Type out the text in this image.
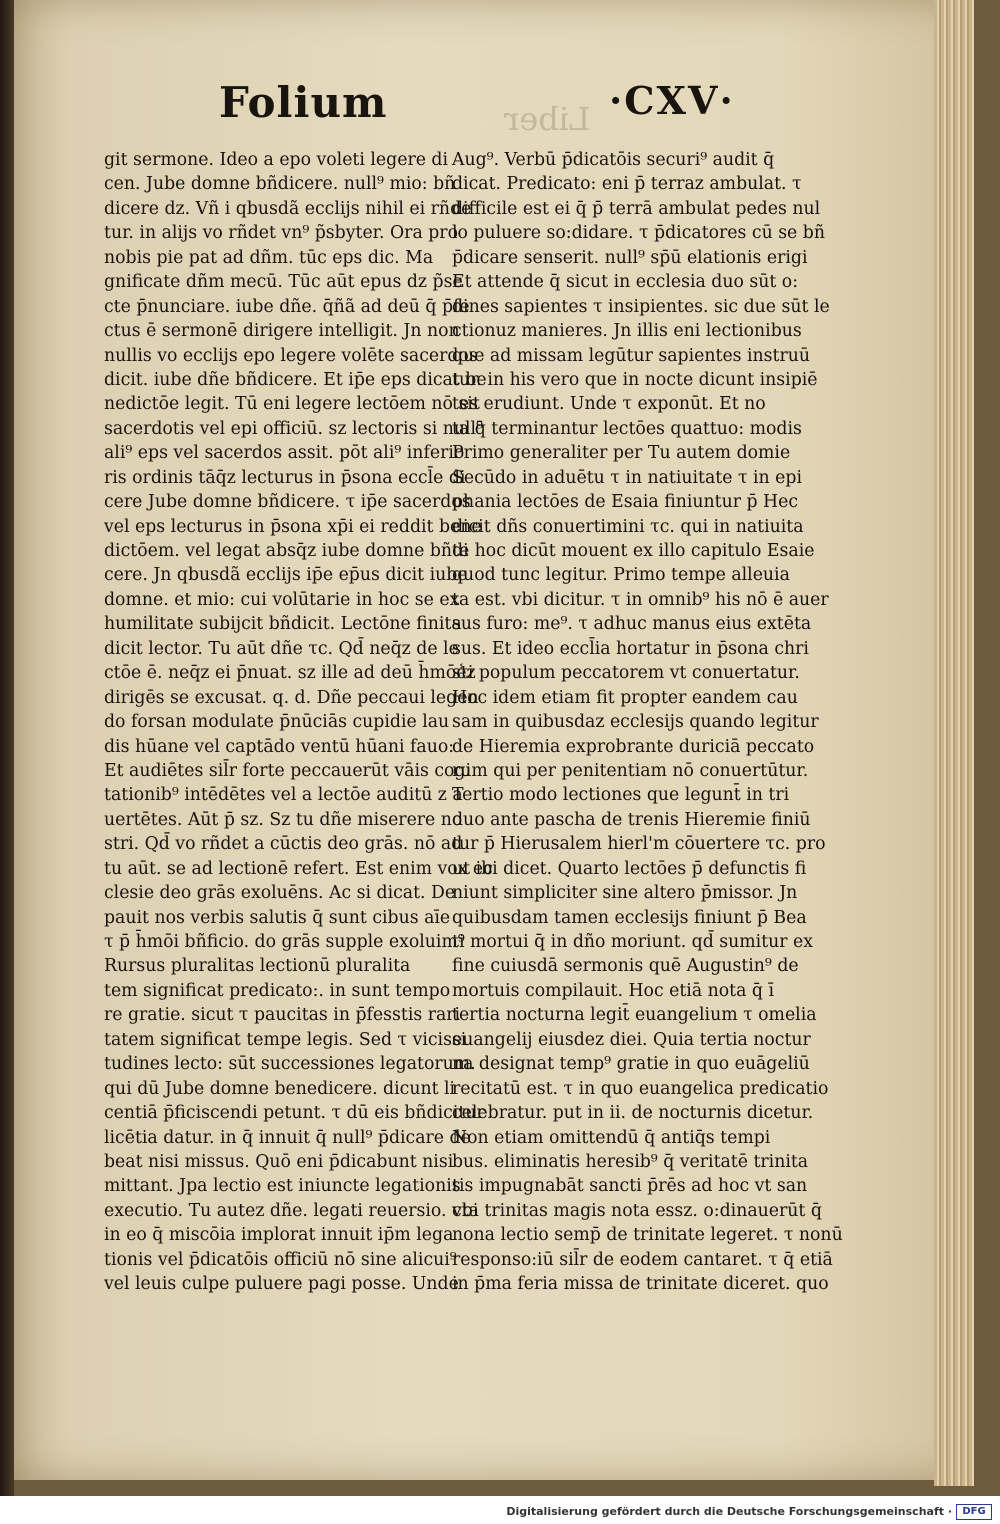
Liber
Folium	·CXV·
git sermone. Ideo a epo voleti legere di
cen. Jube domne bñdicere. null⁹ mio: bñ
dicere dz. Vñ i qbusdã ecclijs nihil ei rñde
tur. in alijs vo rñdet vn⁹ p̃sbyter. Ora pro
nobis pie pat ad dñm. tūc eps dic. Ma
gnificate dñm mecū. Tūc aūt epus dz p̃se
cte p̄nunciare. iube dñe. q̄ñã ad deū q̄ p̄fe
ctus ē sermonē dirigere intelligit. Jn non
nullis vo ecclijs epo legere volēte sacerdos
dicit. iube dñe bñdicere. Et ip̄e eps dicat be
nedictōe legit. Tū eni legere lectōem nō sit
sacerdotis vel epi officiū. sz lectoris si null⁹
ali⁹ eps vel sacerdos assit. pōt ali⁹ inferio
ris ordinis tāq̄z lecturus in p̄sona eccl̄e di
cere Jube domne bñdicere. τ ip̄e sacerdos
vel eps lecturus in p̄sona xp̄i ei reddit bene
dictōem. vel legat absq̄z iube domne bñdi
cere. Jn qbusdã ecclijs ip̄e ep̄us dicit iube
domne. et mio: cui volūtarie in hoc se ex
humilitate subijcit bñdicit. Lectōne finita
dicit lector. Tu aūt dñe τc. Qd̄ neq̄z de le
ctōe ē. neq̄z ei p̄nuat. sz ille ad deū h̄mōe̾z
dirigēs se excusat. q. d. Dñe peccaui legen
do forsan modulate p̄nūciās cupidie lau
dis hūane vel captādo ventū hūani fauo:
Et audiētes sil̄r forte peccauerūt vāis cogi
tationib⁹ intēdētes vel a lectōe auditū z a
uertētes. Aūt p̄ sz. Sz tu dñe miserere no
stri. Qd̄ vo rñdet a cūctis deo grās. nō ad
tu aūt. se ad lectionē refert. Est enim vox ec
clesie deo grās exoluēns. Ac si dicat. De
pauit nos verbis salutis q̄ sunt cibus aīe
τ p̄ h̄mōi bñficio. do grās supple exoluim⁹
Rursus pluralitas lectionū pluralita
tem significat predicato:. in sunt tempo
re gratie. sicut τ paucitas in p̄fesstis rari
tatem significat tempe legis. Sed τ vicissi
tudines lecto: sūt successiones legatorum.
qui dū Jube domne benedicere. dicunt li
centiā p̄ficiscendi petunt. τ dū eis bñdicitur
licētia datur. in q̄ innuit q̄ null⁹ p̄dicare de
beat nisi missus. Quō eni p̄dicabunt nisi
mittant. Jpa lectio est iniuncte legationis
executio. Tu autez dñe. legati reuersio. vbi
in eo q̄ miscōia implorat innuit ip̄m lega
tionis vel p̄dicatōis officiū nō sine alicui⁹
vel leuis culpe puluere pagi posse. Unde
Aug⁹. Verbū p̄dicatōis securi⁹ audit q̄
dicat. Predicato: eni p̄ terraz ambulat. τ
difficile est ei q̄ p̄ terrā ambulat pedes nul
lo puluere so:didare. τ p̄dicatores cū se bñ
p̄dicare senserit. null⁹ sp̄ū elationis erigi
Et attende q̄ sicut in ecclesia duo sūt o:
dines sapientes τ insipientes. sic due sūt le
ctionuz manieres. Jn illis eni lectionibus
que ad missam legūtur sapientes instruū
tur. in his vero que in nocte dicunt insipiē
tes erudiunt. Unde τ exponūt. Et no
ta q̄ terminantur lectōes quattuo: modis
Primo generaliter per Tu autem domie
Secūdo in aduētu τ in natiuitate τ in epi
phania lectōes de Esaia finiuntur p̄ Hec
dicit dñs conuertimini τc. qui in natiuita
te hoc dicūt mouent ex illo capitulo Esaie
quod tunc legitur. Primo tempe alleuia
ta est. vbi dicitur. τ in omnib⁹ his nō ē auer
sus furo: me⁹. τ adhuc manus eius extēta
sus. Et ideo eccl̄ia hortatur in p̄sona chri
sti populum peccatorem vt conuertatur.
Hoc idem etiam fit propter eandem cau
sam in quibusdaz ecclesijs quando legitur
de Hieremia exprobrante duriciā peccato
rum qui per penitentiam nō conuertūtur.
Tertio modo lectiones que legunt̄ in tri
duo ante pascha de trenis Hieremie finiū
tur p̄ Hierusalem hierl'm cōuertere τc. pro
ut ibi dicet. Quarto lectōes p̄ defunctis fi
niunt simpliciter sine altero p̄missor. Jn
quibusdam tamen ecclesijs finiunt p̄ Bea
ti mortui q̄ in dño moriunt. qd̄ sumitur ex
fine cuiusdā sermonis quē Augustin⁹ de
mortuis compilauit. Hoc etiā nota q̄ ī
tertia nocturna legit̄ euangelium τ omelia
euangelij eiusdez diei. Quia tertia noctur
na designat temp⁹ gratie in quo euāgeliū
recitatū est. τ in quo euangelica predicatio
celebratur. put in ii. de nocturnis dicetur.
Non etiam omittendū q̄ antiq̄s tempi
bus. eliminatis heresib⁹ q̄ veritatē trinita
tis impugnabāt sancti p̄rēs ad hoc vt san
cta trinitas magis nota essz. o:dinauerūt q̄
nona lectio semp̄ de trinitate legeret. τ nonū
responso:iū sil̄r de eodem cantaret. τ q̄ etiā
in p̄ma feria missa de trinitate diceret. quo
Digitalisierung gefördert durch die Deutsche Forschungsgemeinschaft ·	DFG
